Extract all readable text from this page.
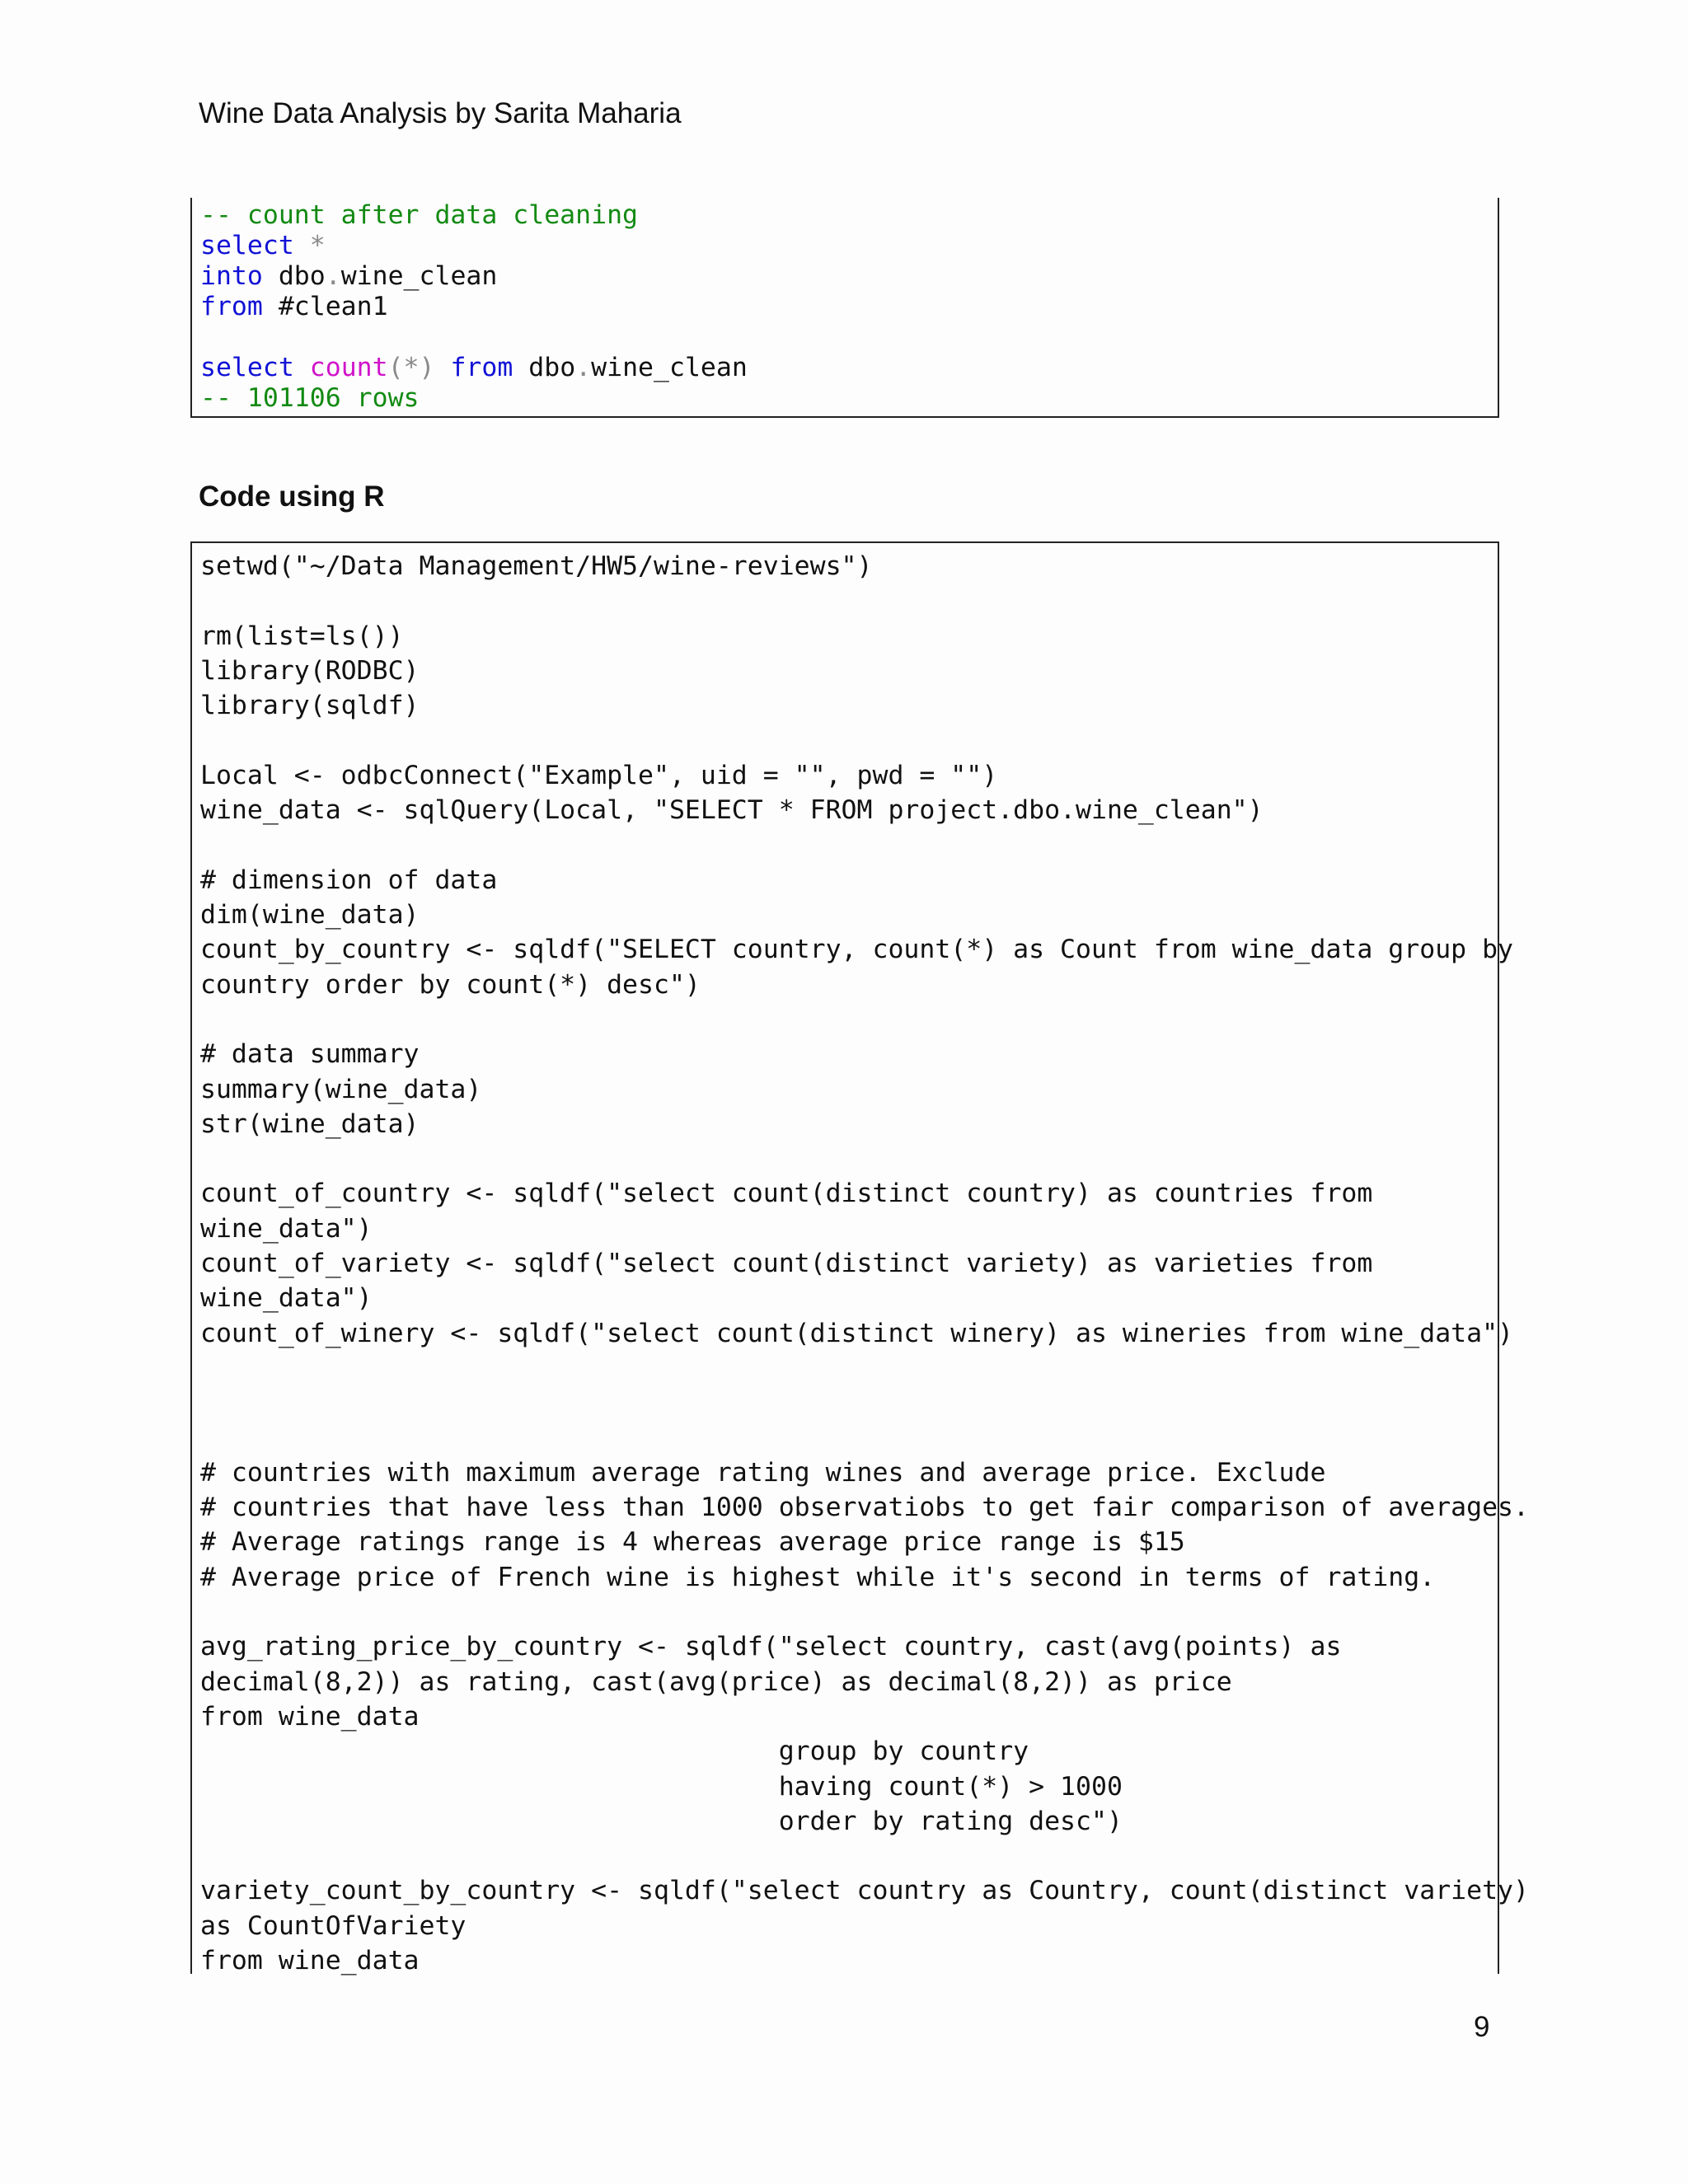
Wine Data Analysis by Sarita Maharia
-- count after data cleaning
select *
into dbo.wine_clean
from #clean1
select count(*) from dbo.wine_clean
-- 101106 rows
Code using R
setwd("~/Data Management/HW5/wine-reviews")
rm(list=ls())
library(RODBC)
library(sqldf)
Local <- odbcConnect("Example", uid = "", pwd = "")
wine_data <- sqlQuery(Local, "SELECT * FROM project.dbo.wine_clean")
# dimension of data
dim(wine_data)
count_by_country <- sqldf("SELECT country, count(*) as Count from wine_data group by
country order by count(*) desc")
# data summary
summary(wine_data)
str(wine_data)
count_of_country <- sqldf("select count(distinct country) as countries from
wine_data")
count_of_variety <- sqldf("select count(distinct variety) as varieties from
wine_data")
count_of_winery <- sqldf("select count(distinct winery) as wineries from wine_data")
# countries with maximum average rating wines and average price. Exclude
# countries that have less than 1000 observatiobs to get fair comparison of averages.
# Average ratings range is 4 whereas average price range is $15
# Average price of French wine is highest while it's second in terms of rating.
avg_rating_price_by_country <- sqldf("select country, cast(avg(points) as
decimal(8,2)) as rating, cast(avg(price) as decimal(8,2)) as price
from wine_data
group by country
having count(*) > 1000
order by rating desc")
variety_count_by_country <- sqldf("select country as Country, count(distinct variety)
as CountOfVariety
from wine_data
9
